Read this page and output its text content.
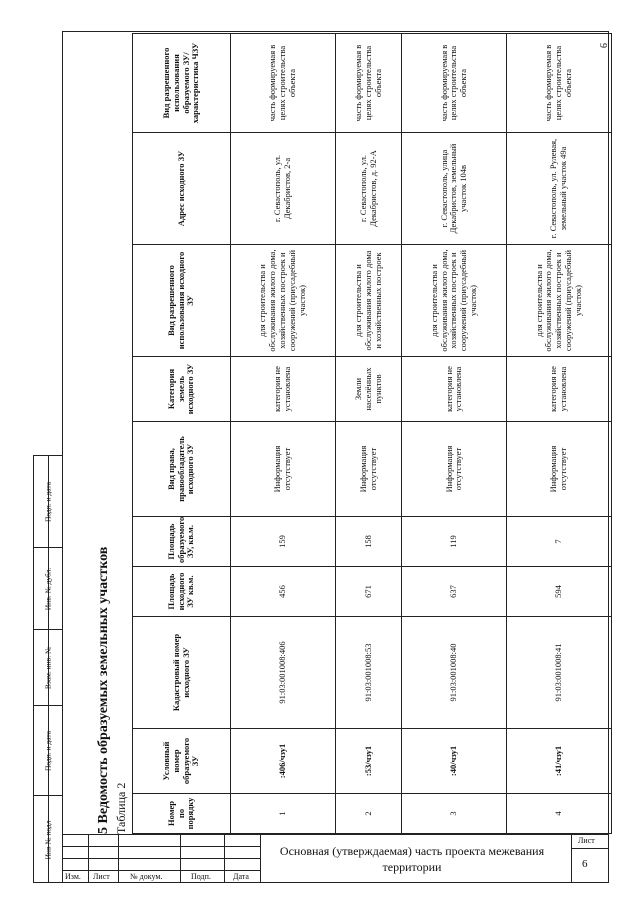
9
Подп. и дата
Инв. № дубл.
Взам. инв. №
Подп. и дата
Инв № подл
5 Ведомость образуемых земельных участков Таблица 2	Номер по порядку	Условный номер образуемого ЗУ	Кадастровый номер исходного ЗУ	Площадь исходного ЗУ кв.м.	Площадь образуемого ЗУ, кв.м.	Вид права, правообладатель исходного ЗУ	Категория земель исходного ЗУ	Вид разрешенного использования исходного ЗУ	Адрес исходного ЗУ	Вид разрешенного использования образуемого ЗУ/характеристика ЧЗУ
1	:406/чзу1	91:03:001008:406	456	159	Информация отсутствует	категория не установлена	для строительства и обслуживания жилого дома, хозяйственных построек и сооружений (приусадебный участок)	г. Севастополь, ул. Декабристов, 2-а	часть формируемая в целях строительства объекта
2	:53/чзу1	91:03:001008:53	671	158	Информация отсутствует	Земли населённых пунктов	для строительства и обслуживания жилого дома и хозяйственных построек	г. Севастополь, ул. Декабристов, д. 92-А	часть формируемая в целях строительства объекта
3	:40/чзу1	91:03:001008:40	637	119	Информация отсутствует	категория не установлена	для строительства и обслуживания жилого дома, хозяйственных построек и сооружений (приусадебный участок)	г. Севастополь, улица Декабристов, земельный участок 104в	часть формируемая в целях строительства объекта
4	:41/чзу1	91:03:001008:41	594	7	Информация отсутствует	категория не установлена	для строительства и обслуживания жилого дома, хозяйственных построек и сооружений (приусадебный участок)	г. Севастополь, ул. Рулевая, земельный участок 49а	часть формируемая в целях строительства объекта
Изм. Лист	№ докум.	Подп.	Дата
Основная (утверждаемая) часть проекта межевания территории
Лист
6
